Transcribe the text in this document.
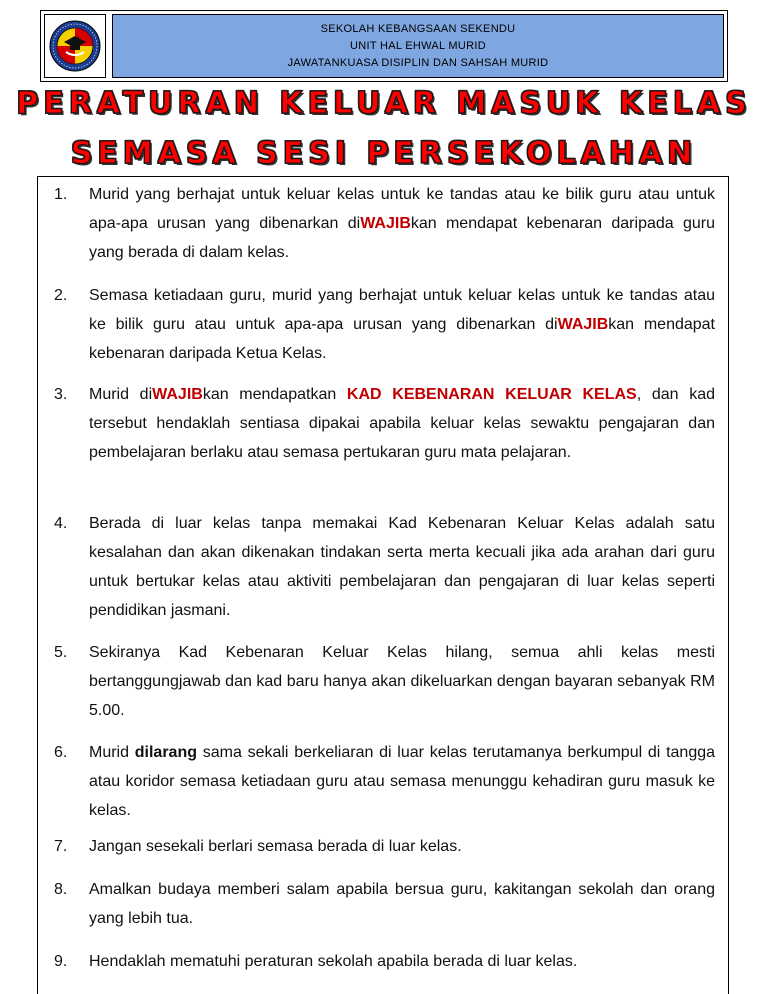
SEKOLAH KEBANGSAAN SEKENDU
UNIT HAL EHWAL MURID
JAWATANKUASA DISIPLIN DAN SAHSAH MURID
PERATURAN KELUAR MASUK KELAS
SEMASA SESI PERSEKOLAHAN
1. Murid yang berhajat untuk keluar kelas untuk ke tandas atau ke bilik guru atau untuk apa-apa urusan yang dibenarkan diWAJIBkan mendapat kebenaran daripada guru yang berada di dalam kelas.
2. Semasa ketiadaan guru, murid yang berhajat untuk keluar kelas untuk ke tandas atau ke bilik guru atau untuk apa-apa urusan yang dibenarkan diWAJIBkan mendapat kebenaran daripada Ketua Kelas.
3. Murid diWAJIBkan mendapatkan KAD KEBENARAN KELUAR KELAS, dan kad tersebut hendaklah sentiasa dipakai apabila keluar kelas sewaktu pengajaran dan pembelajaran berlaku atau semasa pertukaran guru mata pelajaran.
4. Berada di luar kelas tanpa memakai Kad Kebenaran Keluar Kelas adalah satu kesalahan dan akan dikenakan tindakan serta merta kecuali jika ada arahan dari guru untuk bertukar kelas atau aktiviti pembelajaran dan pengajaran di luar kelas seperti pendidikan jasmani.
5. Sekiranya Kad Kebenaran Keluar Kelas hilang, semua ahli kelas mesti bertanggungjawab dan kad baru hanya akan dikeluarkan dengan bayaran sebanyak RM 5.00.
6. Murid dilarang sama sekali berkeliaran di luar kelas terutamanya berkumpul di tangga atau koridor semasa ketiadaan guru atau semasa menunggu kehadiran guru masuk ke kelas.
7. Jangan sesekali berlari semasa berada di luar kelas.
8. Amalkan budaya memberi salam apabila bersua guru, kakitangan sekolah dan orang yang lebih tua.
9. Hendaklah mematuhi peraturan sekolah apabila berada di luar kelas.
